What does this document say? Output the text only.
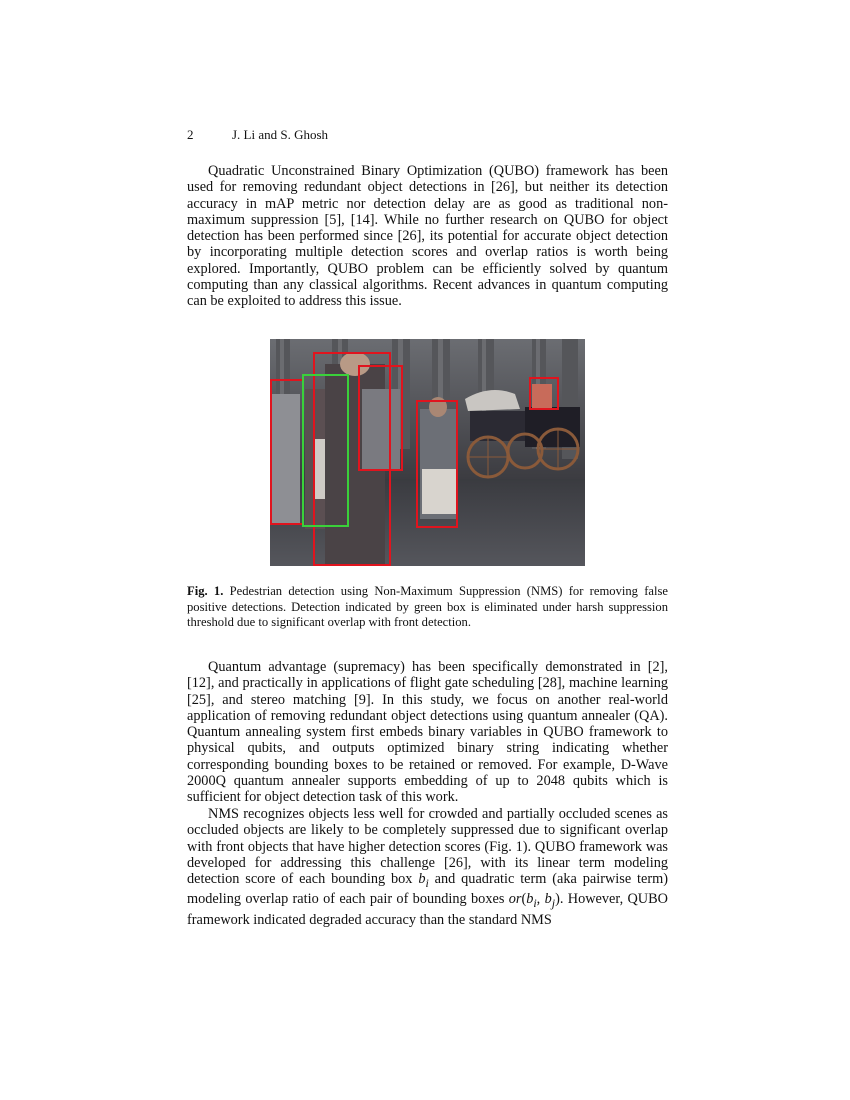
2	J. Li and S. Ghosh

Quadratic Unconstrained Binary Optimization (QUBO) framework has been used for removing redundant object detections in [26], but neither its detection accuracy in mAP metric nor detection delay are as good as traditional non-maximum suppression [5], [14]. While no further research on QUBO for object detection has been performed since [26], its potential for accurate object detection by incorporating multiple detection scores and overlap ratios is worth being explored. Importantly, QUBO problem can be efficiently solved by quantum computing than any classical algorithms. Recent advances in quantum computing can be exploited to address this issue.

Fig. 1. Pedestrian detection using Non-Maximum Suppression (NMS) for removing false positive detections. Detection indicated by green box is eliminated under harsh suppression threshold due to significant overlap with front detection.

Quantum advantage (supremacy) has been specifically demonstrated in [2], [12], and practically in applications of flight gate scheduling [28], machine learning [25], and stereo matching [9]. In this study, we focus on another real-world application of removing redundant object detections using quantum annealer (QA). Quantum annealing system first embeds binary variables in QUBO framework to physical qubits, and outputs optimized binary string indicating whether corresponding bounding boxes to be retained or removed. For example, D-Wave 2000Q quantum annealer supports embedding of up to 2048 qubits which is sufficient for object detection task of this work.

NMS recognizes objects less well for crowded and partially occluded scenes as occluded objects are likely to be completely suppressed due to significant overlap with front objects that have higher detection scores (Fig. 1). QUBO framework was developed for addressing this challenge [26], with its linear term modeling detection score of each bounding box $b_i$ and quadratic term (aka pairwise term) modeling overlap ratio of each pair of bounding boxes $or(b_i$, $b_j$). However, QUBO framework indicated degraded accuracy than the standard NMS
